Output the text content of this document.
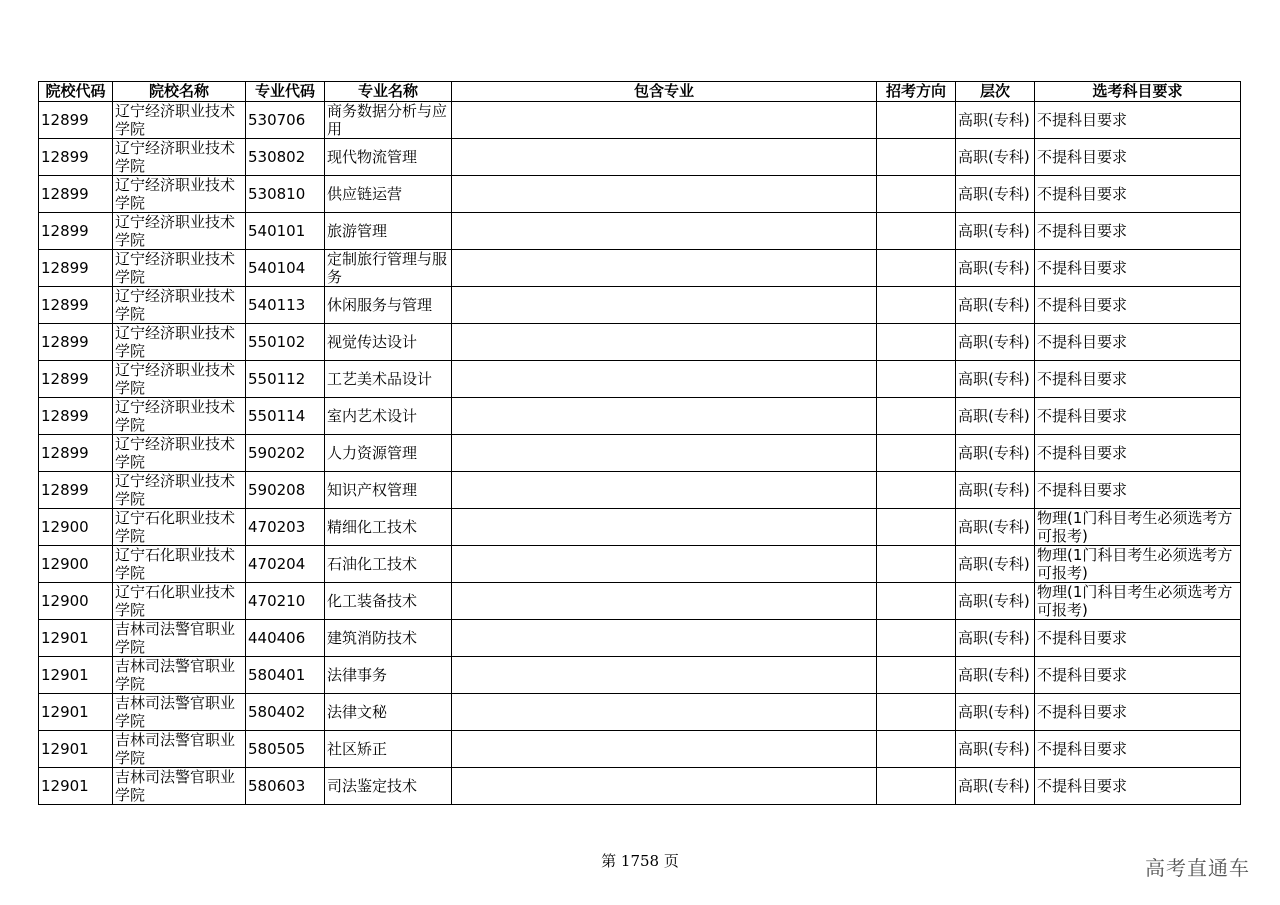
院校代码	院校名称	专业代码	专业名称	包含专业	招考方向	层次	选考科目要求
12899	辽宁经济职业技术学院	530706	商务数据分析与应用			高职(专科)	不提科目要求
12899	辽宁经济职业技术学院	530802	现代物流管理			高职(专科)	不提科目要求
12899	辽宁经济职业技术学院	530810	供应链运营			高职(专科)	不提科目要求
12899	辽宁经济职业技术学院	540101	旅游管理			高职(专科)	不提科目要求
12899	辽宁经济职业技术学院	540104	定制旅行管理与服务			高职(专科)	不提科目要求
12899	辽宁经济职业技术学院	540113	休闲服务与管理			高职(专科)	不提科目要求
12899	辽宁经济职业技术学院	550102	视觉传达设计			高职(专科)	不提科目要求
12899	辽宁经济职业技术学院	550112	工艺美术品设计			高职(专科)	不提科目要求
12899	辽宁经济职业技术学院	550114	室内艺术设计			高职(专科)	不提科目要求
12899	辽宁经济职业技术学院	590202	人力资源管理			高职(专科)	不提科目要求
12899	辽宁经济职业技术学院	590208	知识产权管理			高职(专科)	不提科目要求
12900	辽宁石化职业技术学院	470203	精细化工技术			高职(专科)	物理(1门科目考生必须选考方可报考)
12900	辽宁石化职业技术学院	470204	石油化工技术			高职(专科)	物理(1门科目考生必须选考方可报考)
12900	辽宁石化职业技术学院	470210	化工装备技术			高职(专科)	物理(1门科目考生必须选考方可报考)
12901	吉林司法警官职业学院	440406	建筑消防技术			高职(专科)	不提科目要求
12901	吉林司法警官职业学院	580401	法律事务			高职(专科)	不提科目要求
12901	吉林司法警官职业学院	580402	法律文秘			高职(专科)	不提科目要求
12901	吉林司法警官职业学院	580505	社区矫正			高职(专科)	不提科目要求
12901	吉林司法警官职业学院	580603	司法鉴定技术			高职(专科)	不提科目要求
第 1758 页	高考直通车
